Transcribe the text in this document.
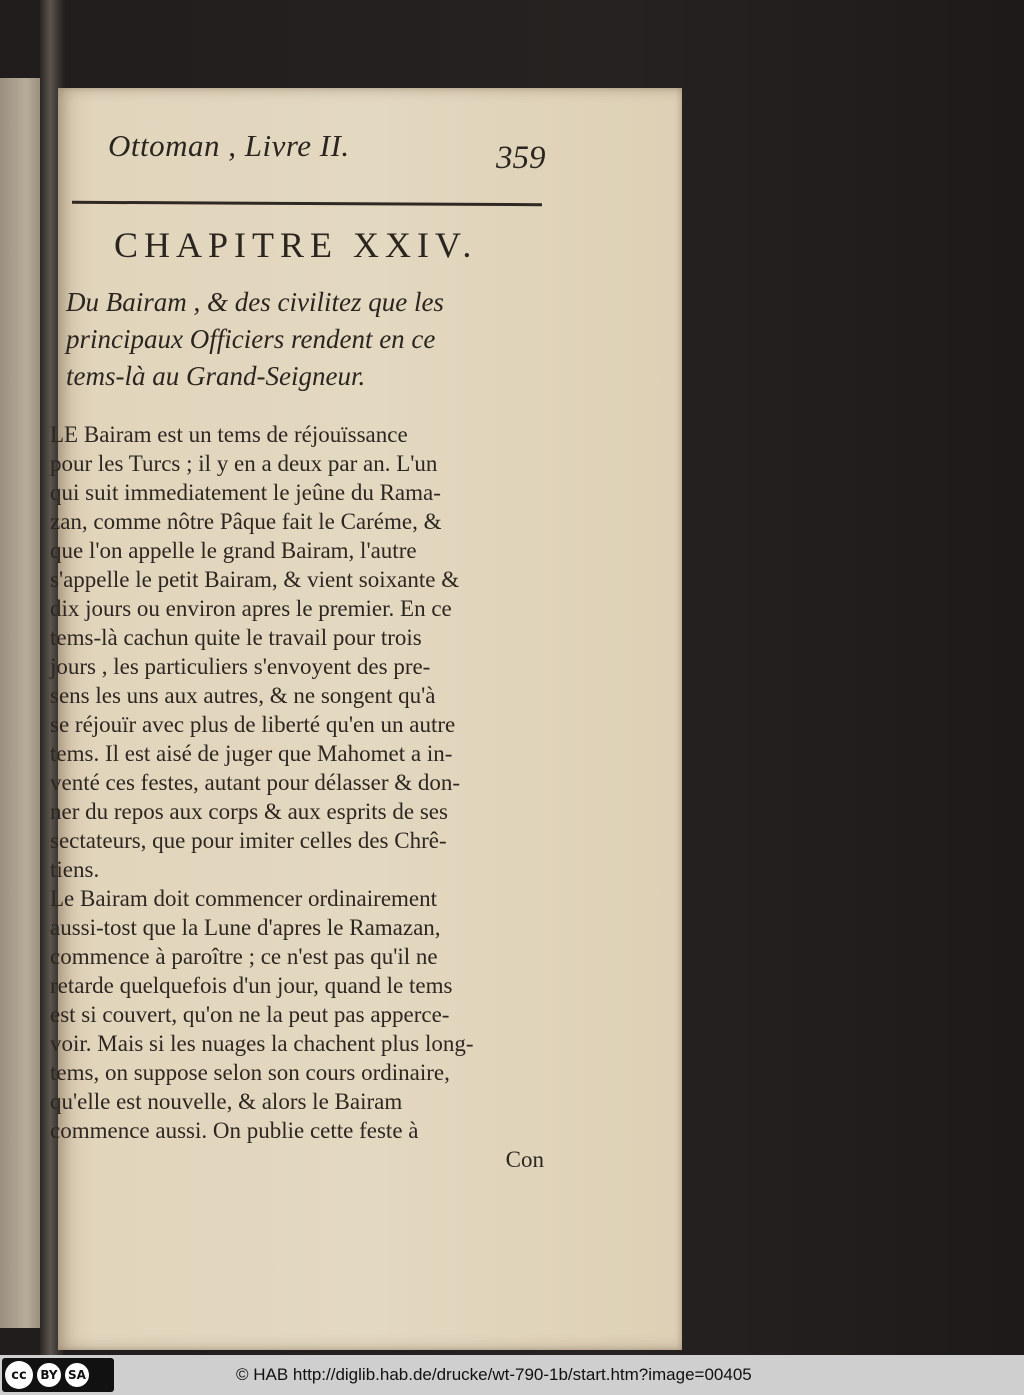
Ottoman , Livre II.	359
CHAPITRE XXIV.

Du Bairam , & des civilitez que les
principaux Officiers rendent en ce
tems-là au Grand-Seigneur.

LE Bairam est un tems de réjouïssance
pour les Turcs ; il y en a deux par an. L'un
qui suit immediatement le jeûne du Rama-
zan, comme nôtre Pâque fait le Caréme, &
que l'on appelle le grand Bairam, l'autre
s'appelle le petit Bairam, & vient soixante &
dix jours ou environ apres le premier. En ce
tems-là cachun quite le travail pour trois
jours , les particuliers s'envoyent des pre-
sens les uns aux autres, & ne songent qu'à
se réjouïr avec plus de liberté qu'en un autre
tems. Il est aisé de juger que Mahomet a in-
venté ces festes, autant pour délasser & don-
ner du repos aux corps & aux esprits de ses
sectateurs, que pour imiter celles des Chrê-
tiens.
Le Bairam doit commencer ordinairement
aussi-tost que la Lune d'apres le Ramazan,
commence à paroître ; ce n'est pas qu'il ne
retarde quelquefois d'un jour, quand le tems
est si couvert, qu'on ne la peut pas apperce-
voir. Mais si les nuages la chachent plus long-
tems, on suppose selon son cours ordinaire,
qu'elle est nouvelle, & alors le Bairam
commence aussi. On publie cette feste à
Con

cc	BY SA	© HAB http://diglib.hab.de/drucke/wt-790-1b/start.htm?image=00405
